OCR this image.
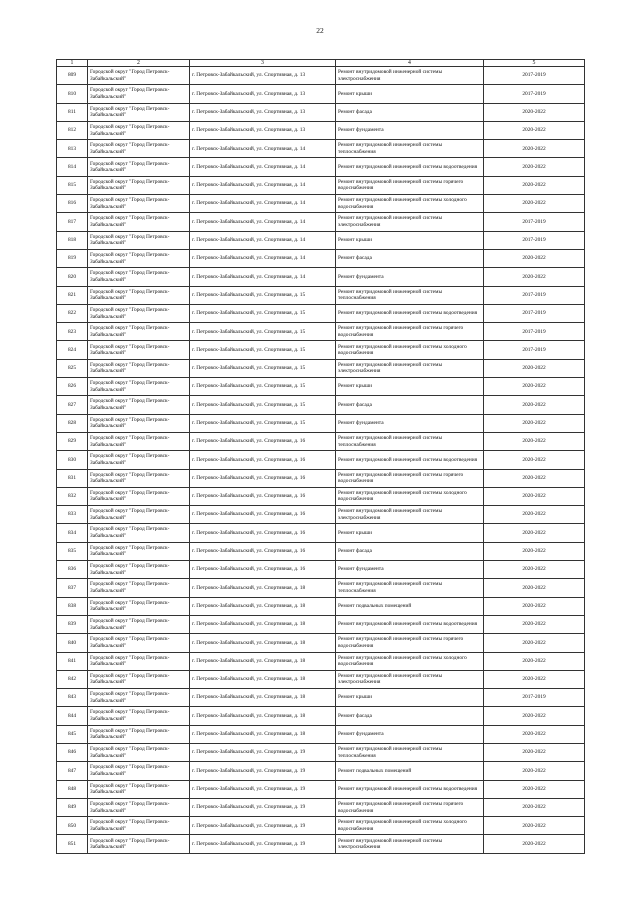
22
1	2	3	4	5
809	Городской округ "Город Петровск-Забайкальский"	г. Петровск-Забайкальский, ул. Спортивная, д. 13	Ремонт внутридомовой инженерной системы электроснабжения	2017-2019
810	Городской округ "Город Петровск-Забайкальский"	г. Петровск-Забайкальский, ул. Спортивная, д. 13	Ремонт крыши	2017-2019
811	Городской округ "Город Петровск-Забайкальский"	г. Петровск-Забайкальский, ул. Спортивная, д. 13	Ремонт фасада	2020-2022
812	Городской округ "Город Петровск-Забайкальский"	г. Петровск-Забайкальский, ул. Спортивная, д. 13	Ремонт фундамента	2020-2022
813	Городской округ "Город Петровск-Забайкальский"	г. Петровск-Забайкальский, ул. Спортивная, д. 14	Ремонт внутридомовой инженерной системы теплоснабжения	2020-2022
814	Городской округ "Город Петровск-Забайкальский"	г. Петровск-Забайкальский, ул. Спортивная, д. 14	Ремонт внутридомовой инженерной системы водоотведения	2020-2022
815	Городской округ "Город Петровск-Забайкальский"	г. Петровск-Забайкальский, ул. Спортивная, д. 14	Ремонт внутридомовой инженерной системы горячего водоснабжения	2020-2022
816	Городской округ "Город Петровск-Забайкальский"	г. Петровск-Забайкальский, ул. Спортивная, д. 14	Ремонт внутридомовой инженерной системы холодного водоснабжения	2020-2022
817	Городской округ "Город Петровск-Забайкальский"	г. Петровск-Забайкальский, ул. Спортивная, д. 14	Ремонт внутридомовой инженерной системы электроснабжения	2017-2019
818	Городской округ "Город Петровск-Забайкальский"	г. Петровск-Забайкальский, ул. Спортивная, д. 14	Ремонт крыши	2017-2019
819	Городской округ "Город Петровск-Забайкальский"	г. Петровск-Забайкальский, ул. Спортивная, д. 14	Ремонт фасада	2020-2022
820	Городской округ "Город Петровск-Забайкальский"	г. Петровск-Забайкальский, ул. Спортивная, д. 14	Ремонт фундамента	2020-2022
821	Городской округ "Город Петровск-Забайкальский"	г. Петровск-Забайкальский, ул. Спортивная, д. 15	Ремонт внутридомовой инженерной системы теплоснабжения	2017-2019
822	Городской округ "Город Петровск-Забайкальский"	г. Петровск-Забайкальский, ул. Спортивная, д. 15	Ремонт внутридомовой инженерной системы водоотведения	2017-2019
823	Городской округ "Город Петровск-Забайкальский"	г. Петровск-Забайкальский, ул. Спортивная, д. 15	Ремонт внутридомовой инженерной системы горячего водоснабжения	2017-2019
824	Городской округ "Город Петровск-Забайкальский"	г. Петровск-Забайкальский, ул. Спортивная, д. 15	Ремонт внутридомовой инженерной системы холодного водоснабжения	2017-2019
825	Городской округ "Город Петровск-Забайкальский"	г. Петровск-Забайкальский, ул. Спортивная, д. 15	Ремонт внутридомовой инженерной системы электроснабжения	2020-2022
826	Городской округ "Город Петровск-Забайкальский"	г. Петровск-Забайкальский, ул. Спортивная, д. 15	Ремонт крыши	2020-2022
827	Городской округ "Город Петровск-Забайкальский"	г. Петровск-Забайкальский, ул. Спортивная, д. 15	Ремонт фасада	2020-2022
828	Городской округ "Город Петровск-Забайкальский"	г. Петровск-Забайкальский, ул. Спортивная, д. 15	Ремонт фундамента	2020-2022
829	Городской округ "Город Петровск-Забайкальский"	г. Петровск-Забайкальский, ул. Спортивная, д. 16	Ремонт внутридомовой инженерной системы теплоснабжения	2020-2022
830	Городской округ "Город Петровск-Забайкальский"	г. Петровск-Забайкальский, ул. Спортивная, д. 16	Ремонт внутридомовой инженерной системы водоотведения	2020-2022
831	Городской округ "Город Петровск-Забайкальский"	г. Петровск-Забайкальский, ул. Спортивная, д. 16	Ремонт внутридомовой инженерной системы горячего водоснабжения	2020-2022
832	Городской округ "Город Петровск-Забайкальский"	г. Петровск-Забайкальский, ул. Спортивная, д. 16	Ремонт внутридомовой инженерной системы холодного водоснабжения	2020-2022
833	Городской округ "Город Петровск-Забайкальский"	г. Петровск-Забайкальский, ул. Спортивная, д. 16	Ремонт внутридомовой инженерной системы электроснабжения	2020-2022
834	Городской округ "Город Петровск-Забайкальский"	г. Петровск-Забайкальский, ул. Спортивная, д. 16	Ремонт крыши	2020-2022
835	Городской округ "Город Петровск-Забайкальский"	г. Петровск-Забайкальский, ул. Спортивная, д. 16	Ремонт фасада	2020-2022
836	Городской округ "Город Петровск-Забайкальский"	г. Петровск-Забайкальский, ул. Спортивная, д. 16	Ремонт фундамента	2020-2022
837	Городской округ "Город Петровск-Забайкальский"	г. Петровск-Забайкальский, ул. Спортивная, д. 18	Ремонт внутридомовой инженерной системы теплоснабжения	2020-2022
838	Городской округ "Город Петровск-Забайкальский"	г. Петровск-Забайкальский, ул. Спортивная, д. 18	Ремонт подвальных помещений	2020-2022
839	Городской округ "Город Петровск-Забайкальский"	г. Петровск-Забайкальский, ул. Спортивная, д. 18	Ремонт внутридомовой инженерной системы водоотведения	2020-2022
840	Городской округ "Город Петровск-Забайкальский"	г. Петровск-Забайкальский, ул. Спортивная, д. 18	Ремонт внутридомовой инженерной системы горячего водоснабжения	2020-2022
841	Городской округ "Город Петровск-Забайкальский"	г. Петровск-Забайкальский, ул. Спортивная, д. 18	Ремонт внутридомовой инженерной системы холодного водоснабжения	2020-2022
842	Городской округ "Город Петровск-Забайкальский"	г. Петровск-Забайкальский, ул. Спортивная, д. 18	Ремонт внутридомовой инженерной системы электроснабжения	2020-2022
843	Городской округ "Город Петровск-Забайкальский"	г. Петровск-Забайкальский, ул. Спортивная, д. 18	Ремонт крыши	2017-2019
844	Городской округ "Город Петровск-Забайкальский"	г. Петровск-Забайкальский, ул. Спортивная, д. 18	Ремонт фасада	2020-2022
845	Городской округ "Город Петровск-Забайкальский"	г. Петровск-Забайкальский, ул. Спортивная, д. 18	Ремонт фундамента	2020-2022
846	Городской округ "Город Петровск-Забайкальский"	г. Петровск-Забайкальский, ул. Спортивная, д. 19	Ремонт внутридомовой инженерной системы теплоснабжения	2020-2022
847	Городской округ "Город Петровск-Забайкальский"	г. Петровск-Забайкальский, ул. Спортивная, д. 19	Ремонт подвальных помещений	2020-2022
848	Городской округ "Город Петровск-Забайкальский"	г. Петровск-Забайкальский, ул. Спортивная, д. 19	Ремонт внутридомовой инженерной системы водоотведения	2020-2022
849	Городской округ "Город Петровск-Забайкальский"	г. Петровск-Забайкальский, ул. Спортивная, д. 19	Ремонт внутридомовой инженерной системы горячего водоснабжения	2020-2022
850	Городской округ "Город Петровск-Забайкальский"	г. Петровск-Забайкальский, ул. Спортивная, д. 19	Ремонт внутридомовой инженерной системы холодного водоснабжения	2020-2022
851	Городской округ "Город Петровск-Забайкальский"	г. Петровск-Забайкальский, ул. Спортивная, д. 19	Ремонт внутридомовой инженерной системы электроснабжения	2020-2022
